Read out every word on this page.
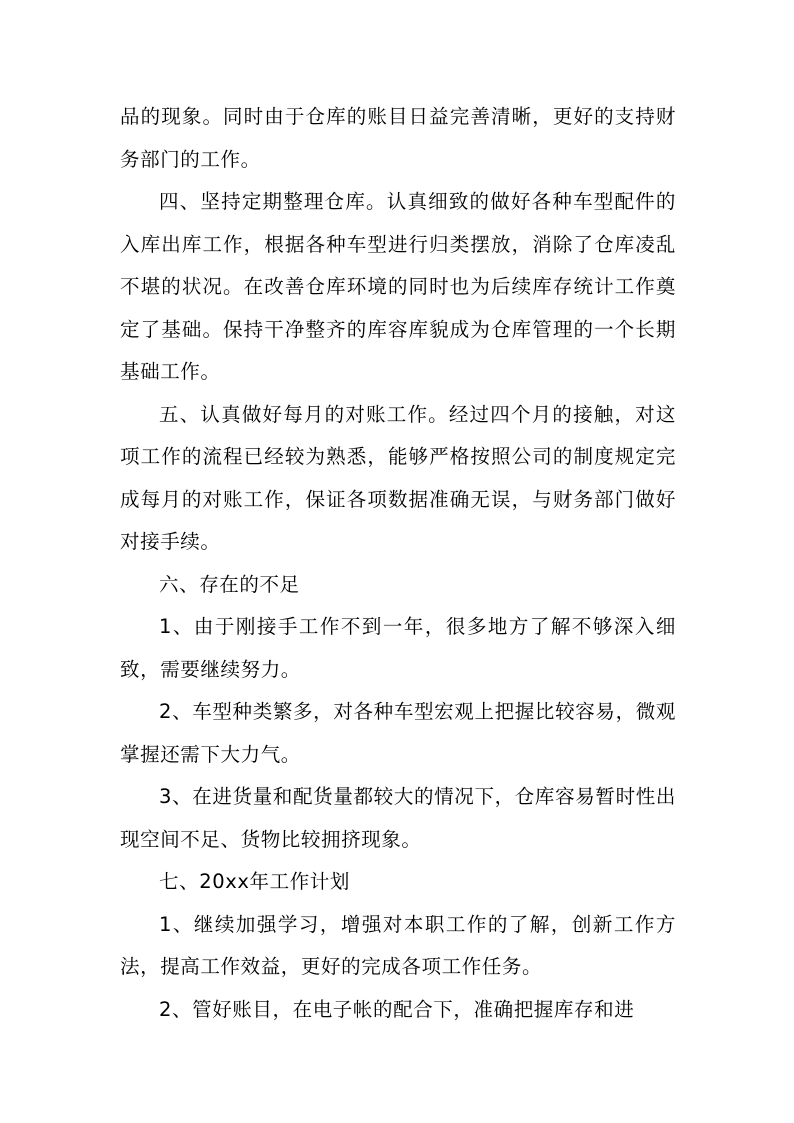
品的现象。同时由于仓库的账目日益完善清晰，更好的支持财务部门的工作。

四、坚持定期整理仓库。认真细致的做好各种车型配件的入库出库工作，根据各种车型进行归类摆放，消除了仓库凌乱不堪的状况。在改善仓库环境的同时也为后续库存统计工作奠定了基础。保持干净整齐的库容库貌成为仓库管理的一个长期基础工作。

五、认真做好每月的对账工作。经过四个月的接触，对这项工作的流程已经较为熟悉，能够严格按照公司的制度规定完成每月的对账工作，保证各项数据准确无误，与财务部门做好对接手续。

六、存在的不足

1、由于刚接手工作不到一年，很多地方了解不够深入细致，需要继续努力。

2、车型种类繁多，对各种车型宏观上把握比较容易，微观掌握还需下大力气。

3、在进货量和配货量都较大的情况下，仓库容易暂时性出现空间不足、货物比较拥挤现象。

七、20xx年工作计划

1、继续加强学习，增强对本职工作的了解，创新工作方法，提高工作效益，更好的完成各项工作任务。

2、管好账目，在电子帐的配合下，准确把握库存和进
